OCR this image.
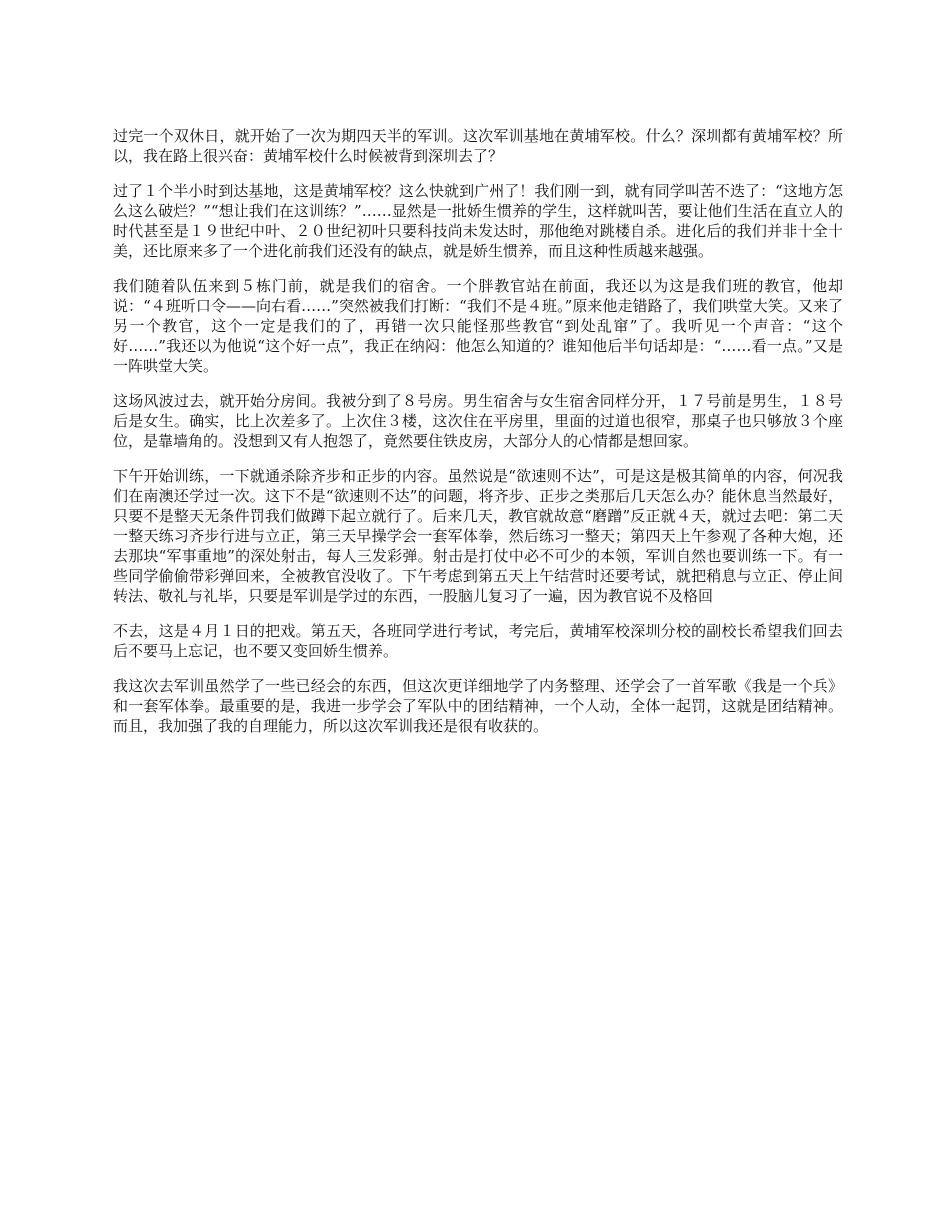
过完一个双休日，就开始了一次为期四天半的军训。这次军训基地在黄埔军校。什么？深圳都有黄埔军校？所以，我在路上很兴奋：黄埔军校什么时候被背到深圳去了？

过了１个半小时到达基地，这是黄埔军校？这么快就到广州了！我们刚一到，就有同学叫苦不迭了：“这地方怎么这么破烂？”“想让我们在这训练？”……显然是一批娇生惯养的学生，这样就叫苦，要让他们生活在直立人的时代甚至是１９世纪中叶、２０世纪初叶只要科技尚未发达时，那他绝对跳楼自杀。进化后的我们并非十全十美，还比原来多了一个进化前我们还没有的缺点，就是娇生惯养，而且这种性质越来越强。

我们随着队伍来到５栋门前，就是我们的宿舍。一个胖教官站在前面，我还以为这是我们班的教官，他却说：“４班听口令——向右看……”突然被我们打断：“我们不是４班。”原来他走错路了，我们哄堂大笑。又来了另一个教官，这个一定是我们的了，再错一次只能怪那些教官“到处乱窜”了。我听见一个声音：“这个好……”我还以为他说“这个好一点”，我正在纳闷：他怎么知道的？谁知他后半句话却是：“……看一点。”又是一阵哄堂大笑。

这场风波过去，就开始分房间。我被分到了８号房。男生宿舍与女生宿舍同样分开，１７号前是男生，１８号后是女生。确实，比上次差多了。上次住３楼，这次住在平房里，里面的过道也很窄，那桌子也只够放３个座位，是靠墙角的。没想到又有人抱怨了，竟然要住铁皮房，大部分人的心情都是想回家。

下午开始训练，一下就通杀除齐步和正步的内容。虽然说是“欲速则不达”，可是这是极其简单的内容，何况我们在南澳还学过一次。这下不是“欲速则不达”的问题，将齐步、正步之类那后几天怎么办？能休息当然最好，只要不是整天无条件罚我们做蹲下起立就行了。后来几天，教官就故意“磨蹭”反正就４天，就过去吧：第二天一整天练习齐步行进与立正，第三天早操学会一套军体拳，然后练习一整天；第四天上午参观了各种大炮，还去那块“军事重地”的深处射击，每人三发彩弹。射击是打仗中必不可少的本领，军训自然也要训练一下。有一些同学偷偷带彩弹回来，全被教官没收了。下午考虑到第五天上午结营时还要考试，就把稍息与立正、停止间转法、敬礼与礼毕，只要是军训是学过的东西，一股脑儿复习了一遍，因为教官说不及格回

不去，这是４月１日的把戏。第五天，各班同学进行考试，考完后，黄埔军校深圳分校的副校长希望我们回去后不要马上忘记，也不要又变回娇生惯养。

我这次去军训虽然学了一些已经会的东西，但这次更详细地学了内务整理、还学会了一首军歌《我是一个兵》和一套军体拳。最重要的是，我进一步学会了军队中的团结精神，一个人动，全体一起罚，这就是团结精神。而且，我加强了我的自理能力，所以这次军训我还是很有收获的。
